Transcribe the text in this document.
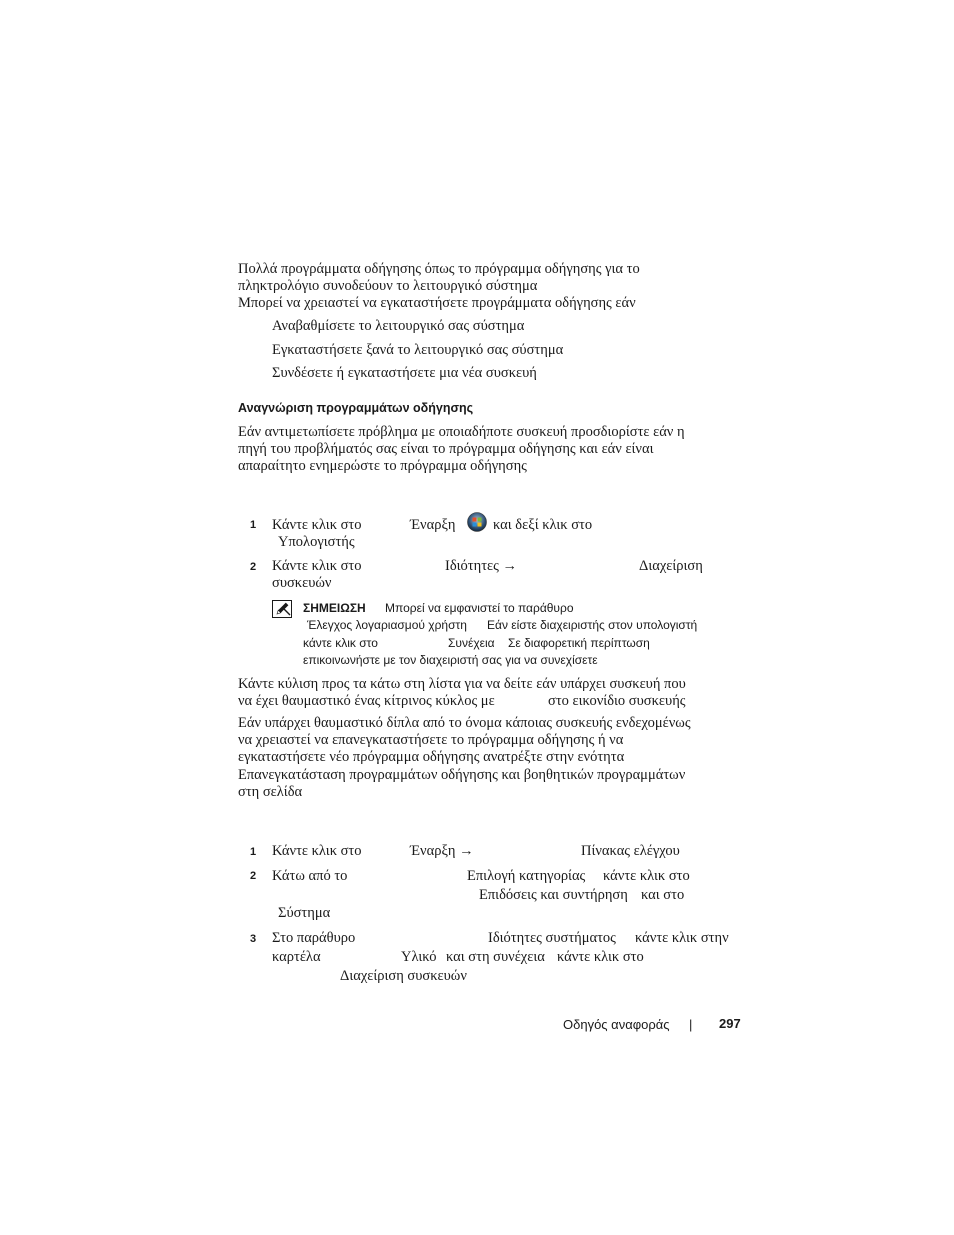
Πολλά προγράμματα οδήγησης όπως το πρόγραμμα οδήγησης για το
πληκτρολόγιο συνοδεύουν το λειτουργικό σύστημα
Μπορεί να χρειαστεί να εγκαταστήσετε προγράμματα οδήγησης εάν
Αναβαθμίσετε το λειτουργικό σας σύστημα
Εγκαταστήσετε ξανά το λειτουργικό σας σύστημα
Συνδέσετε ή εγκαταστήσετε μια νέα συσκευή
Αναγνώριση προγραμμάτων οδήγησης
Εάν αντιμετωπίσετε πρόβλημα με οποιαδήποτε συσκευή προσδιορίστε εάν η
πηγή του προβλήματός σας είναι το πρόγραμμα οδήγησης και εάν είναι
απαραίτητο ενημερώστε το πρόγραμμα οδήγησης
1 Κάντε κλικ στο	Έναρξη	και δεξί κλικ στο
Υπολογιστής
2 Κάντε κλικ στο	Ιδιότητες →	Διαχείριση
συσκευών
ΣΗΜΕΙΩΣΗ Μπορεί να εμφανιστεί το παράθυρο
Έλεγχος λογαριασμού χρήστη Εάν είστε διαχειριστής στον υπολογιστή
κάντε κλικ στο	Συνέχεια Σε διαφορετική περίπτωση
επικοινωνήστε με τον διαχειριστή σας για να συνεχίσετε
Κάντε κύλιση προς τα κάτω στη λίστα για να δείτε εάν υπάρχει συσκευή που
να έχει θαυμαστικό ένας κίτρινος κύκλος με	στο εικονίδιο συσκευής
Εάν υπάρχει θαυμαστικό δίπλα από το όνομα κάποιας συσκευής ενδεχομένως
να χρειαστεί να επανεγκαταστήσετε το πρόγραμμα οδήγησης ή να
εγκαταστήσετε νέο πρόγραμμα οδήγησης ανατρέξτε στην ενότητα
Επανεγκατάσταση προγραμμάτων οδήγησης και βοηθητικών προγραμμάτων
στη σελίδα
1 Κάντε κλικ στο	Έναρξη →	Πίνακας ελέγχου
2 Κάτω από το	Επιλογή κατηγορίας κάντε κλικ στο
Επιδόσεις και συντήρηση και στο
Σύστημα
3 Στο παράθυρο	Ιδιότητες συστήματος κάντε κλικ στην
καρτέλα	Υλικό και στη συνέχεια κάντε κλικ στο
Διαχείριση συσκευών
Οδηγός αναφοράς | 297
